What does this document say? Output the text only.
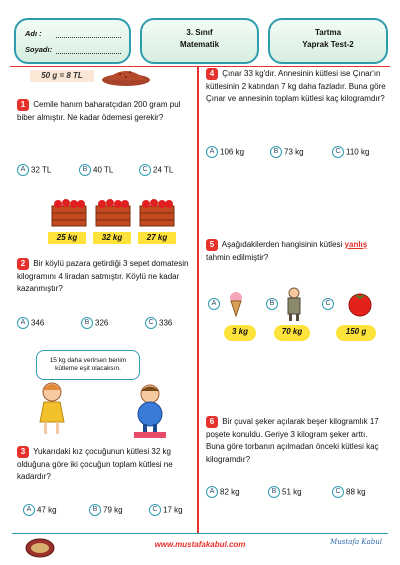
Adı :
Soyadı:
3. Sınıf
Matematik
Tartma
Yaprak Test-2
50 g = 8 TL
1 Cemile hanım baharatçıdan 200 gram pul biber almıştır. Ne kadar ödemesi gerekir?
A 32 TL	B 40 TL	C 24 TL
25 kg	32 kg	27 kg
2 Bir köylü pazara getirdiği 3 sepet domatesin kilogramını 4 liradan satmıştır. Köylü ne kadar kazanmıştır?
A 346	B 326	C 336
15 kg daha verirsen benim kütleme eşit olacaksın.
3 Yukarıdaki kız çocuğunun kütlesi 32 kg olduğuna göre iki çocuğun toplam kütlesi ne kadardır?
A 47 kg	B 79 kg	C 17 kg
4 Çınar 33 kg'dır. Annesinin kütlesi ise Çınar'ın kütlesinin 2 katından 7 kg daha fazladır. Buna göre Çınar ve annesinin toplam kütlesi kaç kilogramdır?
A 106 kg	B 73 kg	C 110 kg
5 Aşağıdakilerden hangisinin kütlesi yanlış tahmin edilmiştir?
A
3 kg
B
70 kg
C
150 g
6 Bir çuval şeker açılarak beşer kilogramlık 17 poşete konuldu. Geriye 3 kilogram şeker arttı. Buna göre torbanın açılmadan önceki kütlesi kaç kilogramdır?
A 82 kg	B 51 kg	C 88 kg
www.mustafakabul.com	Mustafa Kabul
